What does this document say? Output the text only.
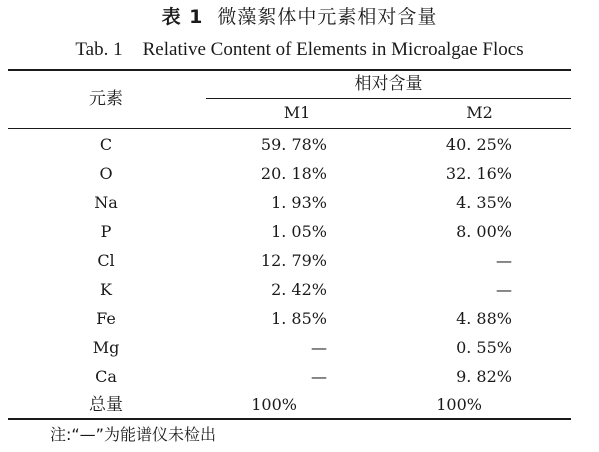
表 1 微藻絮体中元素相对含量
Tab. 1 Relative Content of Elements in Microalgae Flocs
元素
相对含量
M1	M2
C	59. 78%	40. 25%
O	20. 18%	32. 16%
Na	1. 93%	4. 35%
P	1. 05%	8. 00%
Cl	12. 79%	—
K	2. 42%	—
Fe	1. 85%	4. 88%
Mg	—	0. 55%
Ca	—	9. 82%
总量	100%	100%
注:“—”为能谱仪未检出
